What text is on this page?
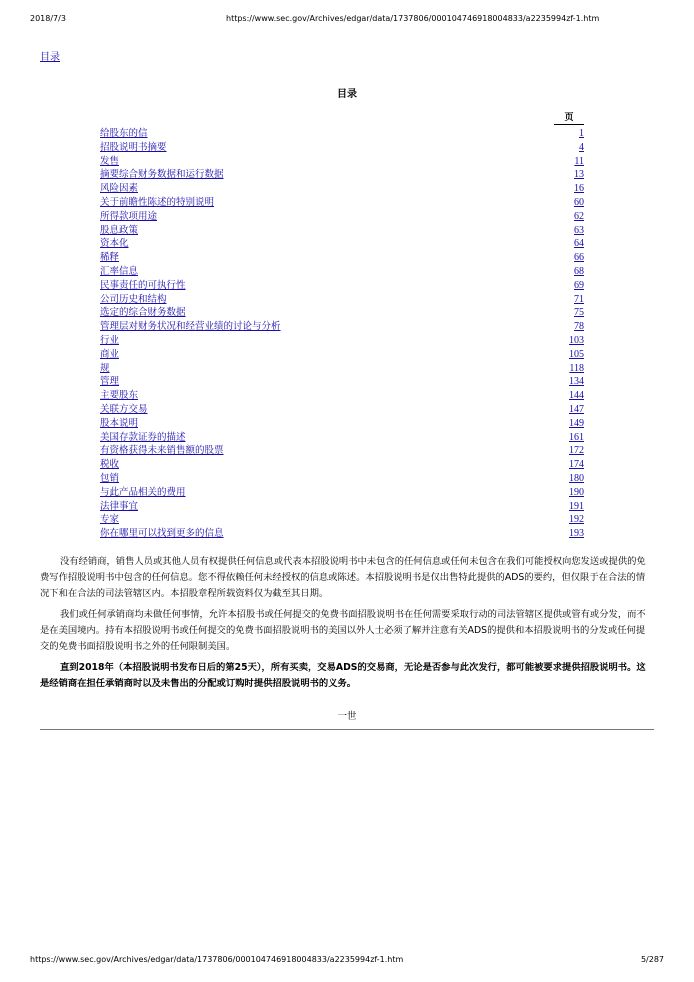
2018/7/3	https://www.sec.gov/Archives/edgar/data/1737806/000104746918004833/a2235994zf-1.htm
目录
目录
页
给股东的信	1
招股说明书摘要	4
发售	11
摘要综合财务数据和运行数据	13
风险因素	16
关于前瞻性陈述的特别说明	60
所得款项用途	62
股息政策	63
资本化	64
稀释	66
汇率信息	68
民事责任的可执行性	69
公司历史和结构	71
选定的综合财务数据	75
管理层对财务状况和经营业绩的讨论与分析	78
行业	103
商业	105
规	118
管理	134
主要股东	144
关联方交易	147
股本说明	149
美国存款证券的描述	161
有资格获得未来销售额的股票	172
税收	174
包销	180
与此产品相关的费用	190
法律事宜	191
专家	192
你在哪里可以找到更多的信息	193

没有经销商，销售人员或其他人员有权提供任何信息或代表本招股说明书中未包含的任何信息或任何未包含在我们可能授权向您发送或提供的免费写作招股说明书中包含的任何信息。您不得依赖任何未经授权的信息或陈述。本招股说明书是仅出售特此提供的ADS的要约，但仅限于在合法的情况下和在合法的司法管辖区内。本招股章程所载资料仅为截至其日期。

我们或任何承销商均未做任何事情，允许本招股书或任何提交的免费书面招股说明书在任何需要采取行动的司法管辖区提供或管有或分发，而不是在美国境内。持有本招股说明书或任何提交的免费书面招股说明书的美国以外人士必须了解并注意有关ADS的提供和本招股说明书的分发或任何提交的免费书面招股说明书之外的任何限制美国。

直到2018年（本招股说明书发布日后的第25天），所有买卖，交易ADS的交易商，无论是否参与此次发行，都可能被要求提供招股说明书。这是经销商在担任承销商时以及未售出的分配或订购时提供招股说明书的义务。

一世
https://www.sec.gov/Archives/edgar/data/1737806/000104746918004833/a2235994zf-1.htm	5/287
